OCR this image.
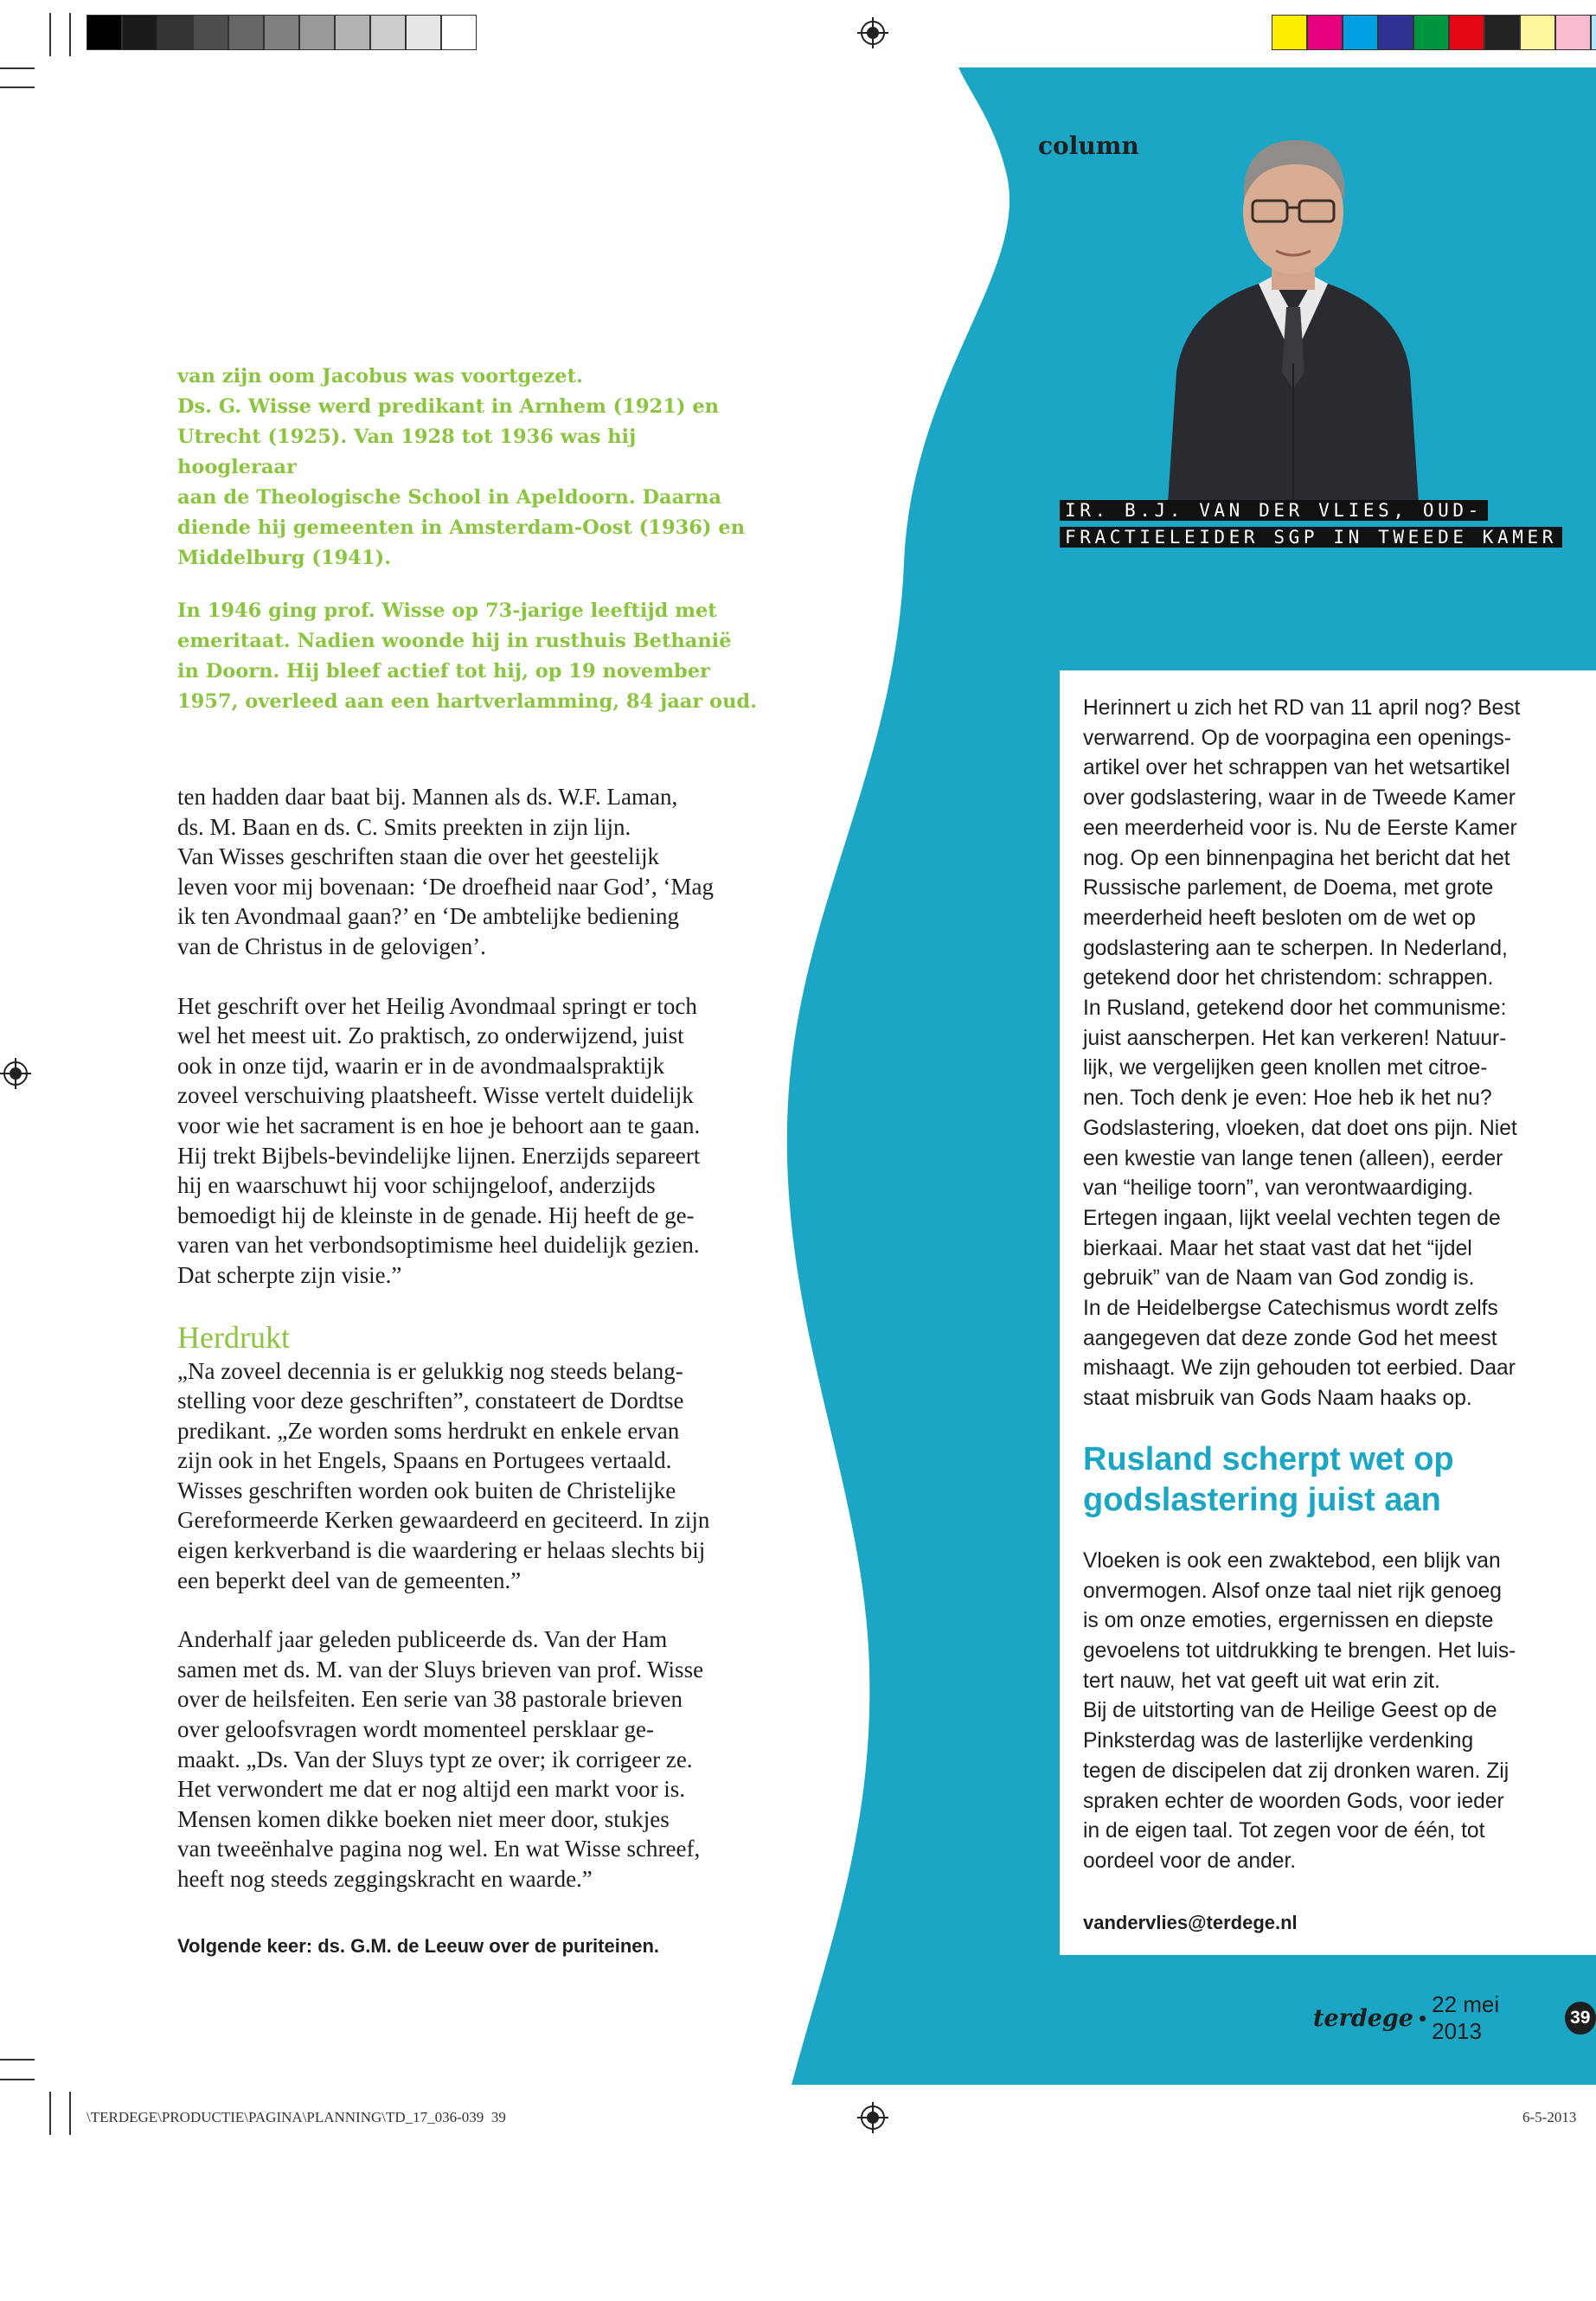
van zijn oom Jacobus was voortgezet.
Ds. G. Wisse werd predikant in Arnhem (1921) en
Utrecht (1925). Van 1928 tot 1936 was hij hoogleraar
aan de Theologische School in Apeldoorn. Daarna
diende hij gemeenten in Amsterdam-Oost (1936) en
Middelburg (1941).

In 1946 ging prof. Wisse op 73-jarige leeftijd met
emeritaat. Nadien woonde hij in rusthuis Bethanië
in Doorn. Hij bleef actief tot hij, op 19 november
1957, overleed aan een hartverlamming, 84 jaar oud.

ten hadden daar baat bij. Mannen als ds. W.F. Laman,
ds. M. Baan en ds. C. Smits preekten in zijn lijn.
Van Wisses geschriften staan die over het geestelijk
leven voor mij bovenaan: ‘De droefheid naar God’, ‘Mag
ik ten Avondmaal gaan?’ en ‘De ambtelijke bediening
van de Christus in de gelovigen’.

Het geschrift over het Heilig Avondmaal springt er toch
wel het meest uit. Zo praktisch, zo onderwijzend, juist
ook in onze tijd, waarin er in de avondmaalspraktijk
zoveel verschuiving plaatsheeft. Wisse vertelt duidelijk
voor wie het sacrament is en hoe je behoort aan te gaan.
Hij trekt Bijbels-bevindelijke lijnen. Enerzijds separeert
hij en waarschuwt hij voor schijngeloof, anderzijds
bemoedigt hij de kleinste in de genade. Hij heeft de ge-
varen van het verbondsoptimisme heel duidelijk gezien.
Dat scherpte zijn visie.”

Herdrukt

„Na zoveel decennia is er gelukkig nog steeds belang-
stelling voor deze geschriften”, constateert de Dordtse
predikant. „Ze worden soms herdrukt en enkele ervan
zijn ook in het Engels, Spaans en Portugees vertaald.
Wisses geschriften worden ook buiten de Christelijke
Gereformeerde Kerken gewaardeerd en geciteerd. In zijn
eigen kerkverband is die waardering er helaas slechts bij
een beperkt deel van de gemeenten.”

Anderhalf jaar geleden publiceerde ds. Van der Ham
samen met ds. M. van der Sluys brieven van prof. Wisse
over de heilsfeiten. Een serie van 38 pastorale brieven
over geloofsvragen wordt momenteel persklaar ge-
maakt. „Ds. Van der Sluys typt ze over; ik corrigeer ze.
Het verwondert me dat er nog altijd een markt voor is.
Mensen komen dikke boeken niet meer door, stukjes
van tweeënhalve pagina nog wel. En wat Wisse schreef,
heeft nog steeds zeggingskracht en waarde.”

Volgende keer: ds. G.M. de Leeuw over de puriteinen.
column
IR. B.J. VAN DER VLIES, OUD-
FRACTIELEIDER SGP IN TWEEDE KAMER
Zwaktebod

Herinnert u zich het RD van 11 april nog? Best
verwarrend. Op de voorpagina een openings-
artikel over het schrappen van het wetsartikel
over godslastering, waar in de Tweede Kamer
een meerderheid voor is. Nu de Eerste Kamer
nog. Op een binnenpagina het bericht dat het
Russische parlement, de Doema, met grote
meerderheid heeft besloten om de wet op
godslastering aan te scherpen. In Nederland,
getekend door het christendom: schrappen.
In Rusland, getekend door het communisme:
juist aanscherpen. Het kan verkeren! Natuur-
lijk, we vergelijken geen knollen met citroe-
nen. Toch denk je even: Hoe heb ik het nu?
Godslastering, vloeken, dat doet ons pijn. Niet
een kwestie van lange tenen (alleen), eerder
van “heilige toorn”, van verontwaardiging.
Ertegen ingaan, lijkt veelal vechten tegen de
bierkaai. Maar het staat vast dat het “ijdel
gebruik” van de Naam van God zondig is.
In de Heidelbergse Catechismus wordt zelfs
aangegeven dat deze zonde God het meest
mishaagt. We zijn gehouden tot eerbied. Daar
staat misbruik van Gods Naam haaks op.

Rusland scherpt wet op godslastering juist aan

Vloeken is ook een zwaktebod, een blijk van
onvermogen. Alsof onze taal niet rijk genoeg
is om onze emoties, ergernissen en diepste
gevoelens tot uitdrukking te brengen. Het luis-
tert nauw, het vat geeft uit wat erin zit.
Bij de uitstorting van de Heilige Geest op de
Pinksterdag was de lasterlijke verdenking
tegen de discipelen dat zij dronken waren. Zij
spraken echter de woorden Gods, voor ieder
in de eigen taal. Tot zegen voor de één, tot
oordeel voor de ander.

vandervlies@terdege.nl

terdege •
22 mei 2013
39
\TERDEGE\PRODUCTIE\PAGINA\PLANNING\TD_17_036-039 39	6-5-2013
